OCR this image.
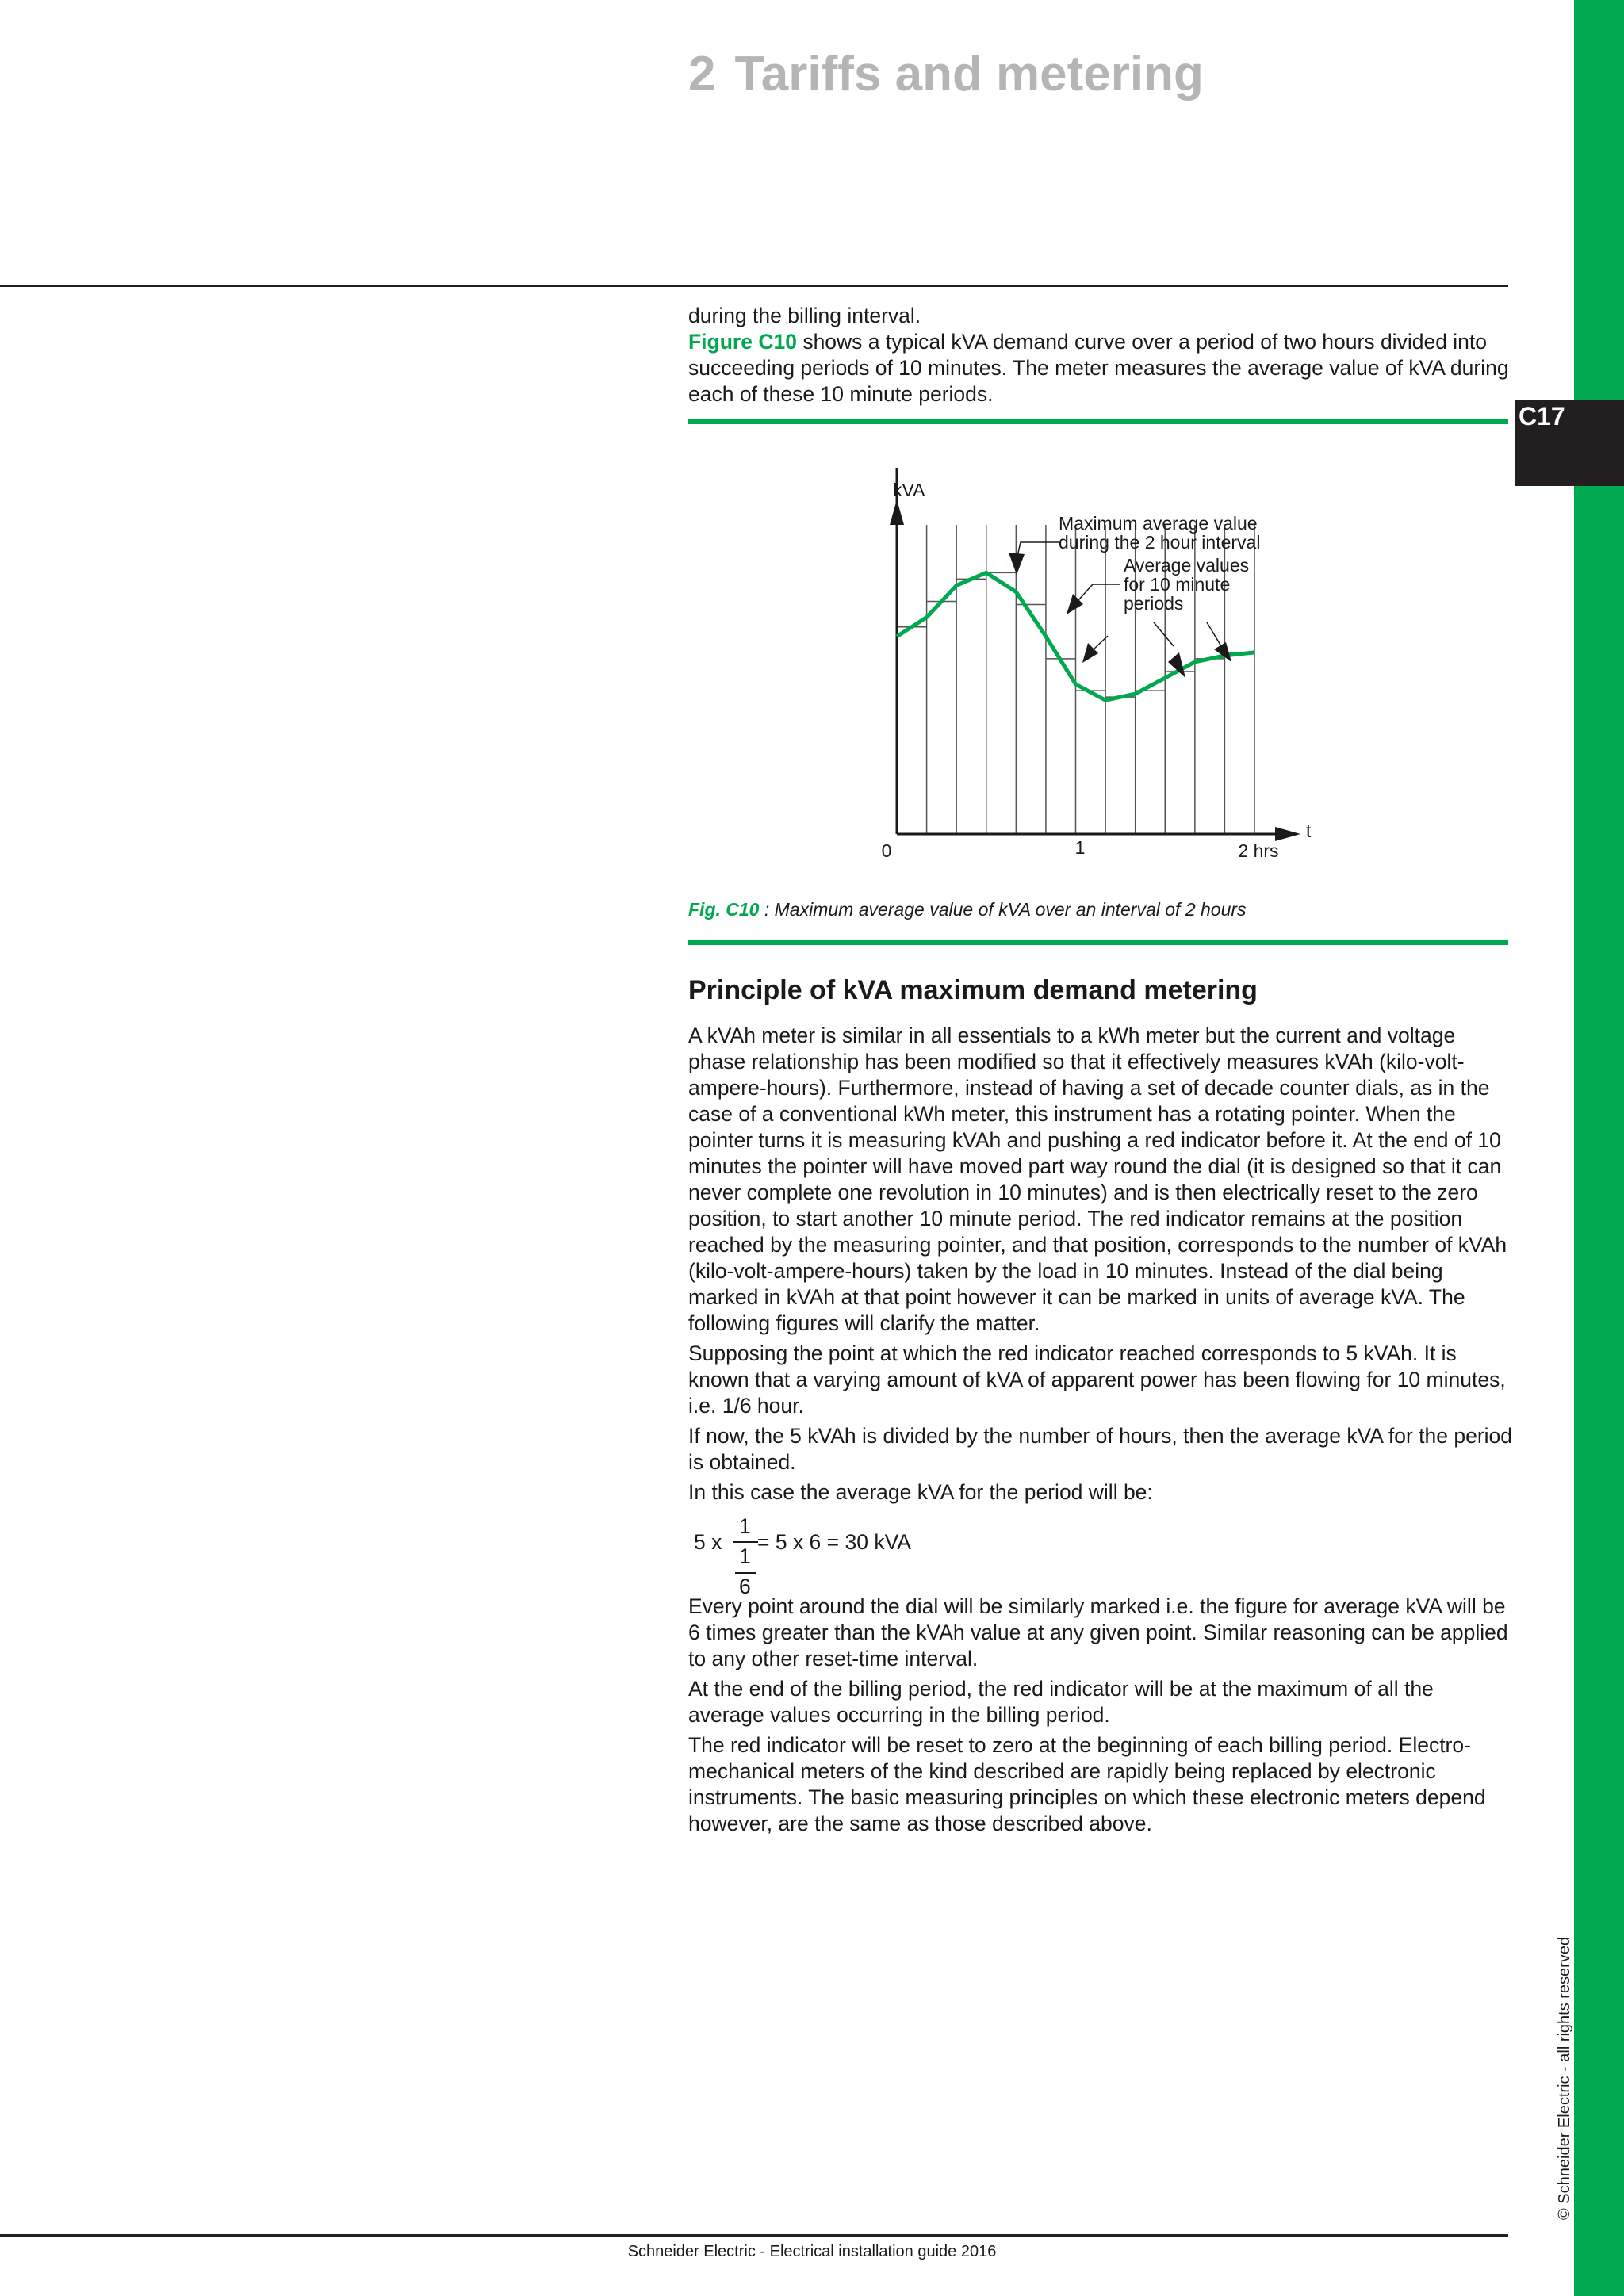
C17
2 Tariffs and metering

during the billing interval.
Figure C10 shows a typical kVA demand curve over a period of two hours divided into succeeding periods of 10 minutes. The meter measures the average value of kVA during each of these 10 minute periods.

kVA
t
0	1	2 hrs
Maximum average value
during the 2 hour interval
Average values
for 10 minute
periods
Fig. C10 : Maximum average value of kVA over an interval of 2 hours
Principle of kVA maximum demand metering

A kVAh meter is similar in all essentials to a kWh meter but the current and voltage phase relationship has been modified so that it effectively measures kVAh (kilo-volt-ampere-hours). Furthermore, instead of having a set of decade counter dials, as in the case of a conventional kWh meter, this instrument has a rotating pointer. When the pointer turns it is measuring kVAh and pushing a red indicator before it. At the end of 10 minutes the pointer will have moved part way round the dial (it is designed so that it can never complete one revolution in 10 minutes) and is then electrically reset to the zero position, to start another 10 minute period. The red indicator remains at the position reached by the measuring pointer, and that position, corresponds to the number of kVAh (kilo-volt-ampere-hours) taken by the load in 10 minutes. Instead of the dial being marked in kVAh at that point however it can be marked in units of average kVA. The following figures will clarify the matter.

Supposing the point at which the red indicator reached corresponds to 5 kVAh. It is known that a varying amount of kVA of apparent power has been flowing for 10 minutes, i.e. 1/6 hour.

If now, the 5 kVAh is divided by the number of hours, then the average kVA for the period is obtained.

In this case the average kVA for the period will be:

5 x
1
1
6
= 5 x 6 = 30 kVA

Every point around the dial will be similarly marked i.e. the figure for average kVA will be 6 times greater than the kVAh value at any given point. Similar reasoning can be applied to any other reset-time interval.

At the end of the billing period, the red indicator will be at the maximum of all the average values occurring in the billing period.

The red indicator will be reset to zero at the beginning of each billing period. Electro-mechanical meters of the kind described are rapidly being replaced by electronic instruments. The basic measuring principles on which these electronic meters depend however, are the same as those described above.

Schneider Electric - Electrical installation guide 2016
© Schneider Electric - all rights reserved
